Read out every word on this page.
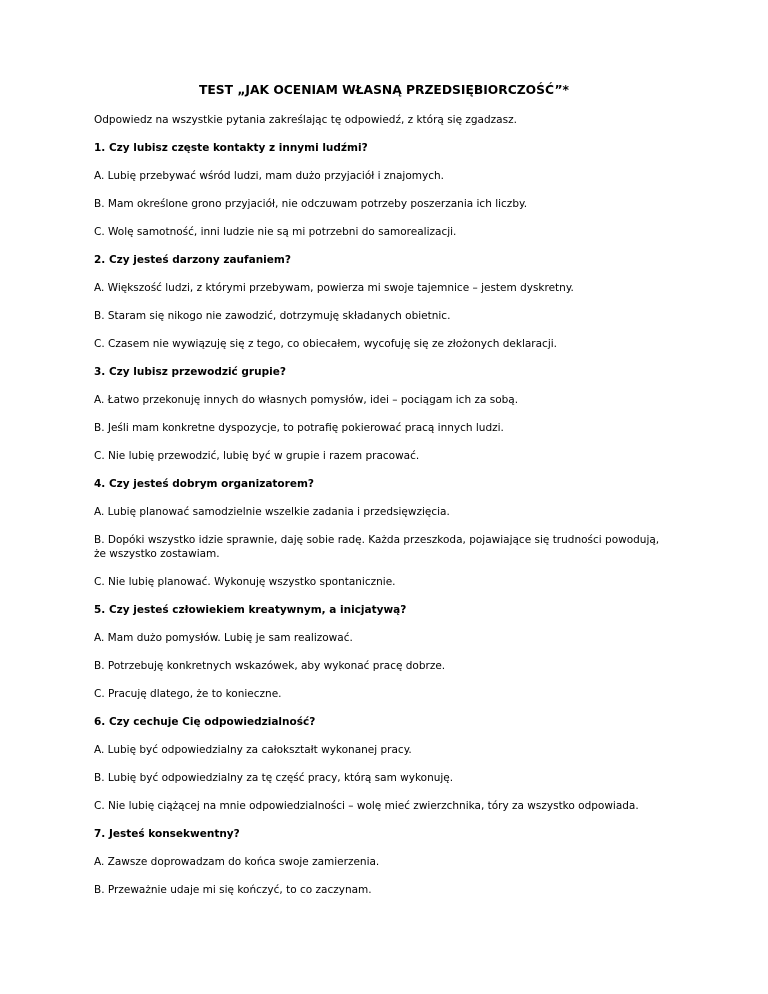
TEST „JAK OCENIAM WŁASNĄ PRZEDSIĘBIORCZOŚĆ”*

Odpowiedz na wszystkie pytania zakreślając tę odpowiedź, z którą się zgadzasz.

1. Czy lubisz częste kontakty z innymi ludźmi?

A. Lubię przebywać wśród ludzi, mam dużo przyjaciół i znajomych.

B. Mam określone grono przyjaciół, nie odczuwam potrzeby poszerzania ich liczby.

C. Wolę samotność, inni ludzie nie są mi potrzebni do samorealizacji.

2. Czy jesteś darzony zaufaniem?

A. Większość ludzi, z którymi przebywam, powierza mi swoje tajemnice – jestem dyskretny.

B. Staram się nikogo nie zawodzić, dotrzymuję składanych obietnic.

C. Czasem nie wywiązuję się z tego, co obiecałem, wycofuję się ze złożonych deklaracji.

3. Czy lubisz przewodzić grupie?

A. Łatwo przekonuję innych do własnych pomysłów, idei – pociągam ich za sobą.

B. Jeśli mam konkretne dyspozycje, to potrafię pokierować pracą innych ludzi.

C. Nie lubię przewodzić, lubię być w grupie i razem pracować.

4. Czy jesteś dobrym organizatorem?

A. Lubię planować samodzielnie wszelkie zadania i przedsięwzięcia.

B. Dopóki wszystko idzie sprawnie, daję sobie radę. Każda przeszkoda, pojawiające się trudności powodują, że wszystko zostawiam.

C. Nie lubię planować. Wykonuję wszystko spontanicznie.

5. Czy jesteś człowiekiem kreatywnym, a inicjatywą?

A. Mam dużo pomysłów. Lubię je sam realizować.

B. Potrzebuję konkretnych wskazówek, aby wykonać pracę dobrze.

C. Pracuję dlatego, że to konieczne.

6. Czy cechuje Cię odpowiedzialność?

A. Lubię być odpowiedzialny za całokształt wykonanej pracy.

B. Lubię być odpowiedzialny za tę część pracy, którą sam wykonuję.

C. Nie lubię ciążącej na mnie odpowiedzialności – wolę mieć zwierzchnika, tóry za wszystko odpowiada.

7. Jesteś konsekwentny?

A. Zawsze doprowadzam do końca swoje zamierzenia.

B. Przeważnie udaje mi się kończyć, to co zaczynam.
